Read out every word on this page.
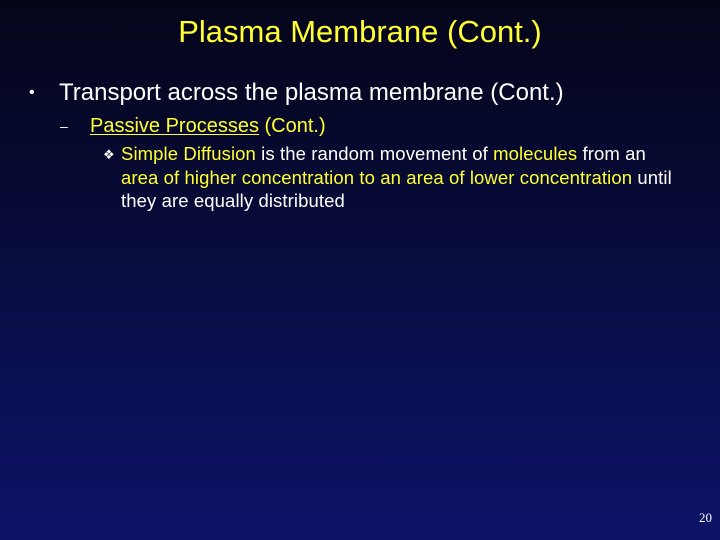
Plasma Membrane (Cont.)
• Transport across the plasma membrane (Cont.)
– Passive Processes (Cont.)
❖ Simple Diffusion is the random movement of molecules from an area of higher concentration to an area of lower concentration until they are equally distributed
20
